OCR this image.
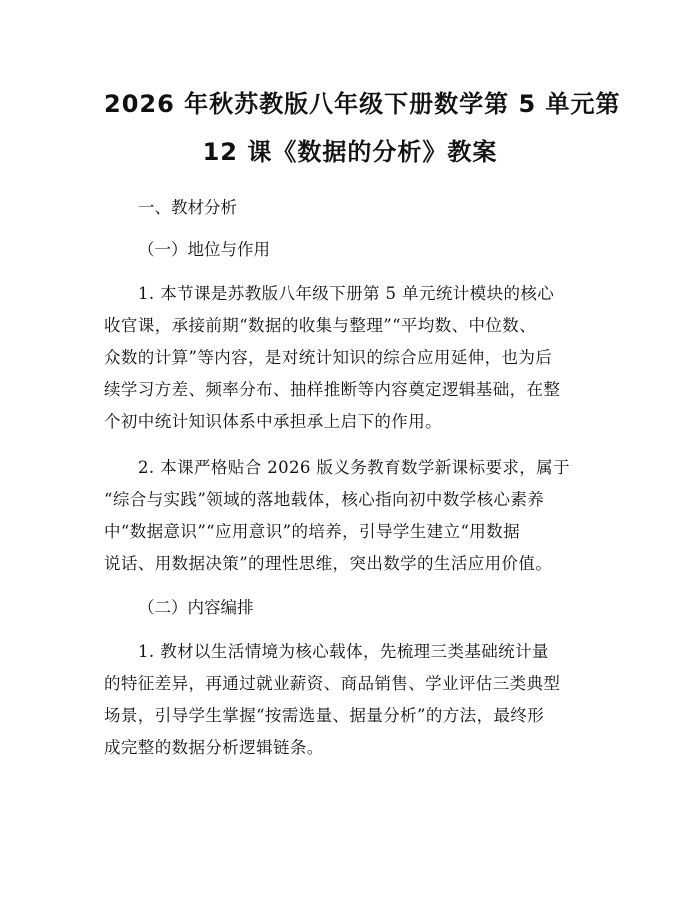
2026 年秋苏教版八年级下册数学第 5 单元第
12 课《数据的分析》教案
一、教材分析
（一）地位与作用

1. 本节课是苏教版八年级下册第 5 单元统计模块的核心
收官课，承接前期“数据的收集与整理”“平均数、中位数、
众数的计算”等内容，是对统计知识的综合应用延伸，也为后
续学习方差、频率分布、抽样推断等内容奠定逻辑基础，在整
个初中统计知识体系中承担承上启下的作用。

2. 本课严格贴合 2026 版义务教育数学新课标要求，属于
“综合与实践”领域的落地载体，核心指向初中数学核心素养
中“数据意识”“应用意识”的培养，引导学生建立“用数据
说话、用数据决策”的理性思维，突出数学的生活应用价值。

（二）内容编排

1. 教材以生活情境为核心载体，先梳理三类基础统计量
的特征差异，再通过就业薪资、商品销售、学业评估三类典型
场景，引导学生掌握“按需选量、据量分析”的方法，最终形
成完整的数据分析逻辑链条。
